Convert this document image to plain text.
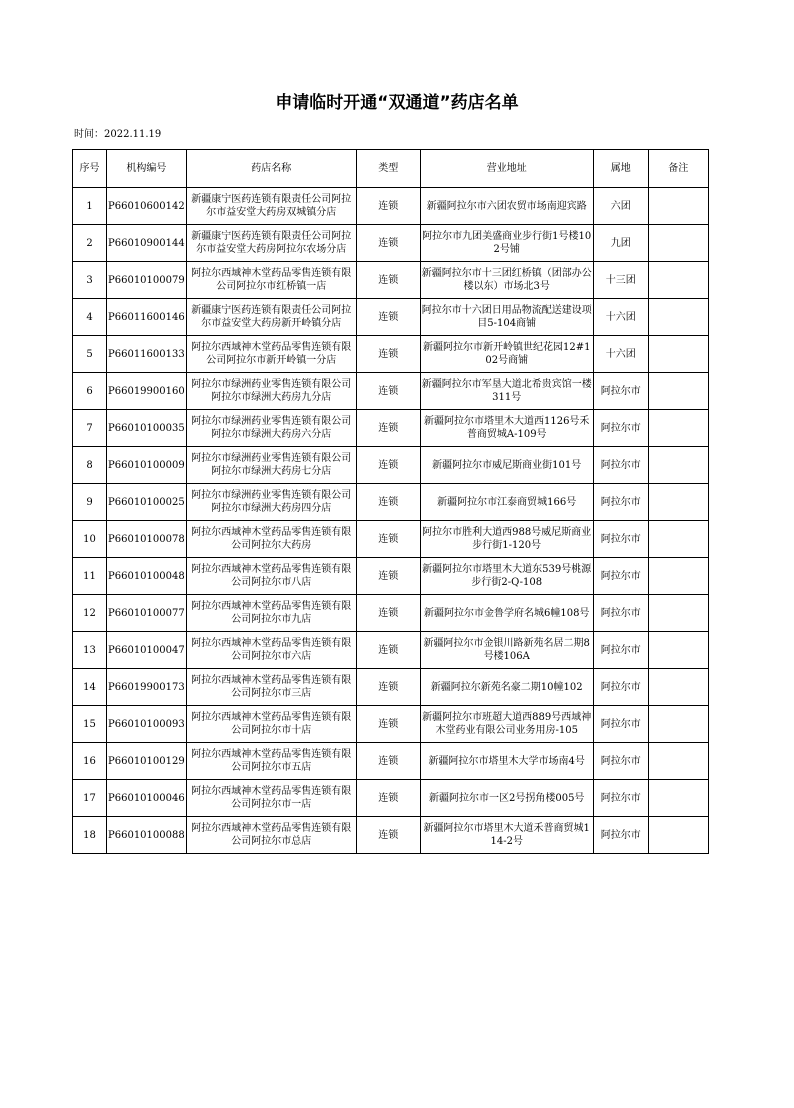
申请临时开通“双通道”药店名单
时间：2022.11.19
序号	机构编号	药店名称	类型	营业地址	属地	备注
1	P66010600142	新疆康宁医药连锁有限责任公司阿拉尔市益安堂大药房双城镇分店	连锁	新疆阿拉尔市六团农贸市场南迎宾路	六团	
2	P66010900144	新疆康宁医药连锁有限责任公司阿拉尔市益安堂大药房阿拉尔农场分店	连锁	阿拉尔市九团美盛商业步行街1号楼102号铺	九团	
3	P66010100079	阿拉尔西域神木堂药品零售连锁有限公司阿拉尔市红桥镇一店	连锁	新疆阿拉尔市十三团红桥镇（团部办公楼以东）市场北3号	十三团	
4	P66011600146	新疆康宁医药连锁有限责任公司阿拉尔市益安堂大药房新开岭镇分店	连锁	阿拉尔市十六团日用品物流配送建设项目5-104商铺	十六团	
5	P66011600133	阿拉尔西域神木堂药品零售连锁有限公司阿拉尔市新开岭镇一分店	连锁	新疆阿拉尔市新开岭镇世纪花园12#102号商铺	十六团	
6	P66019900160	阿拉尔市绿洲药业零售连锁有限公司阿拉尔市绿洲大药房九分店	连锁	新疆阿拉尔市军垦大道北希贵宾馆一楼311号	阿拉尔市	
7	P66010100035	阿拉尔市绿洲药业零售连锁有限公司阿拉尔市绿洲大药房六分店	连锁	新疆阿拉尔市塔里木大道西1126号禾普商贸城A-109号	阿拉尔市	
8	P66010100009	阿拉尔市绿洲药业零售连锁有限公司阿拉尔市绿洲大药房七分店	连锁	新疆阿拉尔市威尼斯商业街101号	阿拉尔市	
9	P66010100025	阿拉尔市绿洲药业零售连锁有限公司阿拉尔市绿洲大药房四分店	连锁	新疆阿拉尔市江泰商贸城166号	阿拉尔市	
10	P66010100078	阿拉尔西域神木堂药品零售连锁有限公司阿拉尔大药房	连锁	阿拉尔市胜利大道西988号威尼斯商业步行街1-120号	阿拉尔市	
11	P66010100048	阿拉尔西域神木堂药品零售连锁有限公司阿拉尔市八店	连锁	新疆阿拉尔市塔里木大道东539号桃源步行街2-Q-108	阿拉尔市	
12	P66010100077	阿拉尔西域神木堂药品零售连锁有限公司阿拉尔市九店	连锁	新疆阿拉尔市金鲁学府名城6幢108号	阿拉尔市	
13	P66010100047	阿拉尔西域神木堂药品零售连锁有限公司阿拉尔市六店	连锁	新疆阿拉尔市金银川路新苑名居二期8号楼106A	阿拉尔市	
14	P66019900173	阿拉尔西域神木堂药品零售连锁有限公司阿拉尔市三店	连锁	新疆阿拉尔新苑名豪二期10幢102	阿拉尔市	
15	P66010100093	阿拉尔西域神木堂药品零售连锁有限公司阿拉尔市十店	连锁	新疆阿拉尔市班超大道西889号西域神木堂药业有限公司业务用房-105	阿拉尔市	
16	P66010100129	阿拉尔西域神木堂药品零售连锁有限公司阿拉尔市五店	连锁	新疆阿拉尔市塔里木大学市场南4号	阿拉尔市	
17	P66010100046	阿拉尔西域神木堂药品零售连锁有限公司阿拉尔市一店	连锁	新疆阿拉尔市一区2号拐角楼005号	阿拉尔市	
18	P66010100088	阿拉尔西域神木堂药品零售连锁有限公司阿拉尔市总店	连锁	新疆阿拉尔市塔里木大道禾普商贸城114-2号	阿拉尔市	
